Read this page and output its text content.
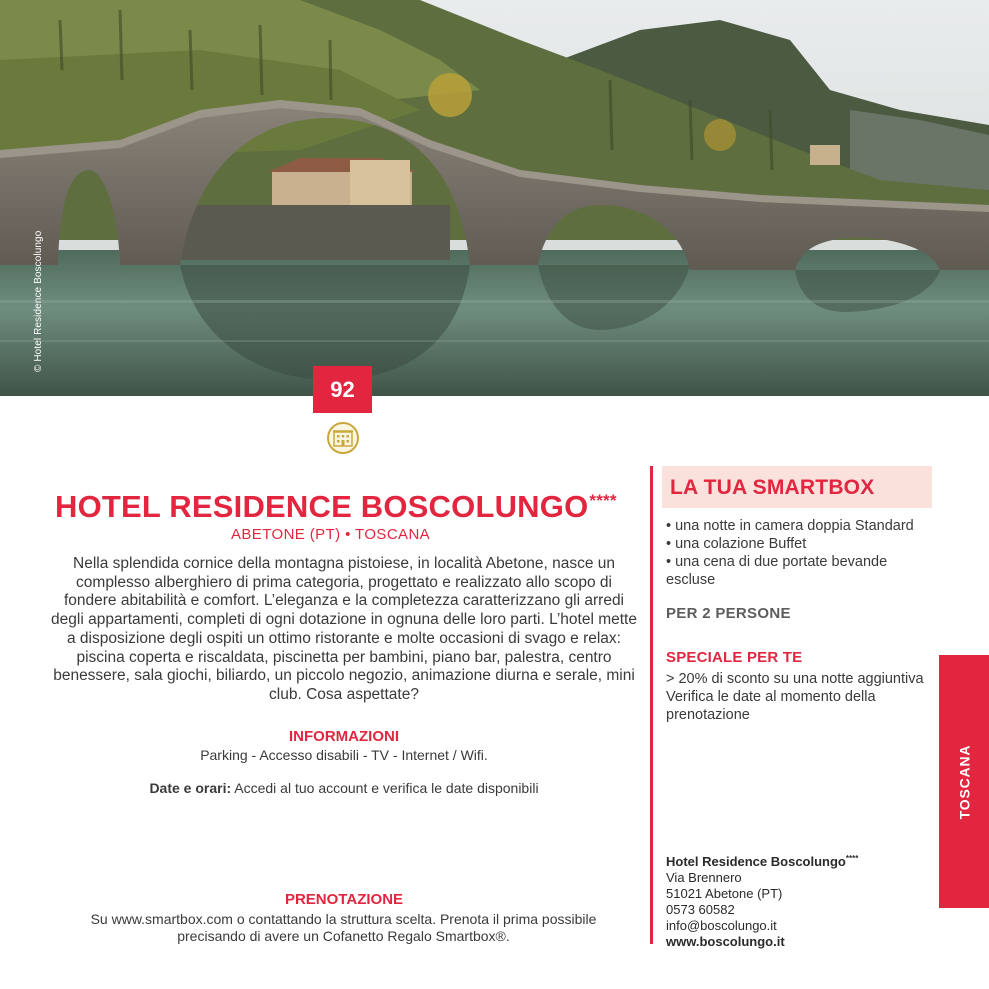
© Hotel Residence Boscolungo
92
HOTEL RESIDENCE BOSCOLUNGO****
ABETONE (PT) • TOSCANA

Nella splendida cornice della montagna pistoiese, in località Abetone, nasce un complesso alberghiero di prima categoria, progettato e realizzato allo scopo di fondere abitabilità e comfort. L’eleganza e la completezza caratterizzano gli arredi degli appartamenti, completi di ogni dotazione in ognuna delle loro parti. L’hotel mette a disposizione degli ospiti un ottimo ristorante e molte occasioni di svago e relax: piscina coperta e riscaldata, piscinetta per bambini, piano bar, palestra, centro benessere, sala giochi, biliardo, un piccolo negozio, animazione diurna e serale, mini club. Cosa aspettate?

INFORMAZIONI
Parking - Accesso disabili - TV - Internet / Wifi.
Date e orari: Accedi al tuo account e verifica le date disponibili
PRENOTAZIONE
Su www.smartbox.com o contattando la struttura scelta. Prenota il prima possibile precisando di avere un Cofanetto Regalo Smartbox®.
LA TUA SMARTBOX
• una notte in camera doppia Standard
• una colazione Buffet
• una cena di due portate bevande escluse
PER 2 PERSONE
SPECIALE PER TE

> 20% di sconto su una notte aggiuntiva

Verifica le date al momento della prenotazione

Hotel Residence Boscolungo****
Via Brennero
51021 Abetone (PT)
0573 60582
info@boscolungo.it
www.boscolungo.it
TOSCANA
